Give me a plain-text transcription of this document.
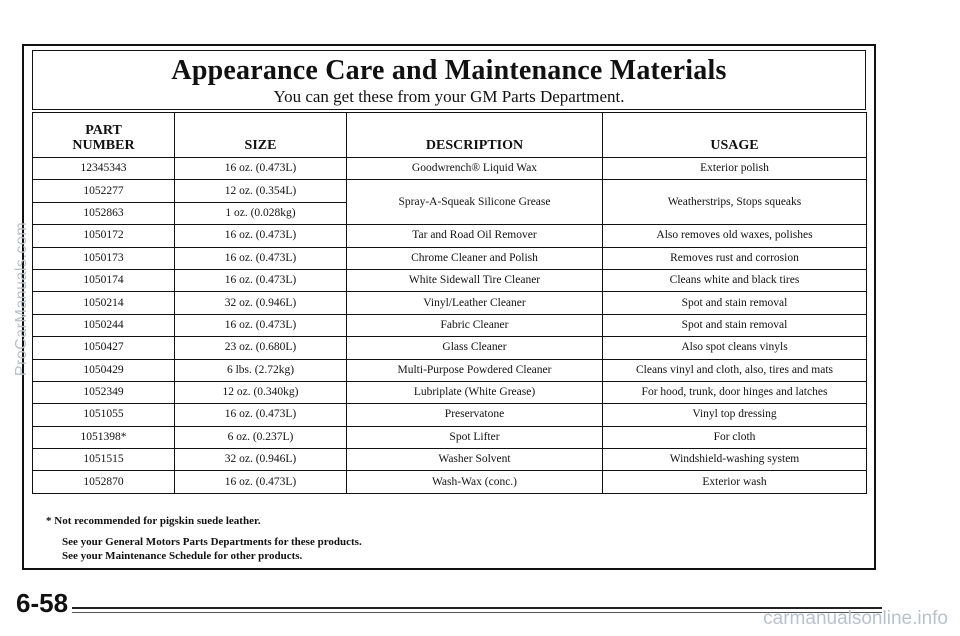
Appearance Care and Maintenance Materials
You can get these from your GM Parts Department.
PART
NUMBER	SIZE	DESCRIPTION	USAGE
12345343	16 oz. (0.473L)	Goodwrench® Liquid Wax	Exterior polish
1052277	12 oz. (0.354L)	Spray-A-Squeak Silicone Grease	Weatherstrips, Stops squeaks
1052863	1 oz. (0.028kg)		
1050172	16 oz. (0.473L)	Tar and Road Oil Remover	Also removes old waxes, polishes
1050173	16 oz. (0.473L)	Chrome Cleaner and Polish	Removes rust and corrosion
1050174	16 oz. (0.473L)	White Sidewall Tire Cleaner	Cleans white and black tires
1050214	32 oz. (0.946L)	Vinyl/Leather Cleaner	Spot and stain removal
1050244	16 oz. (0.473L)	Fabric Cleaner	Spot and stain removal
1050427	23 oz. (0.680L)	Glass Cleaner	Also spot cleans vinyls
1050429	6 lbs. (2.72kg)	Multi-Purpose Powdered Cleaner	Cleans vinyl and cloth, also, tires and mats
1052349	12 oz. (0.340kg)	Lubriplate (White Grease)	For hood, trunk, door hinges and latches
1051055	16 oz. (0.473L)	Preservatone	Vinyl top dressing
1051398*	6 oz. (0.237L)	Spot Lifter	For cloth
1051515	32 oz. (0.946L)	Washer Solvent	Windshield-washing system
1052870	16 oz. (0.473L)	Wash-Wax (conc.)	Exterior wash
* Not recommended for pigskin suede leather.
See your General Motors Parts Departments for these products.
See your Maintenance Schedule for other products.
6-58
ProCarManuals.com
carmanualsonline.info
